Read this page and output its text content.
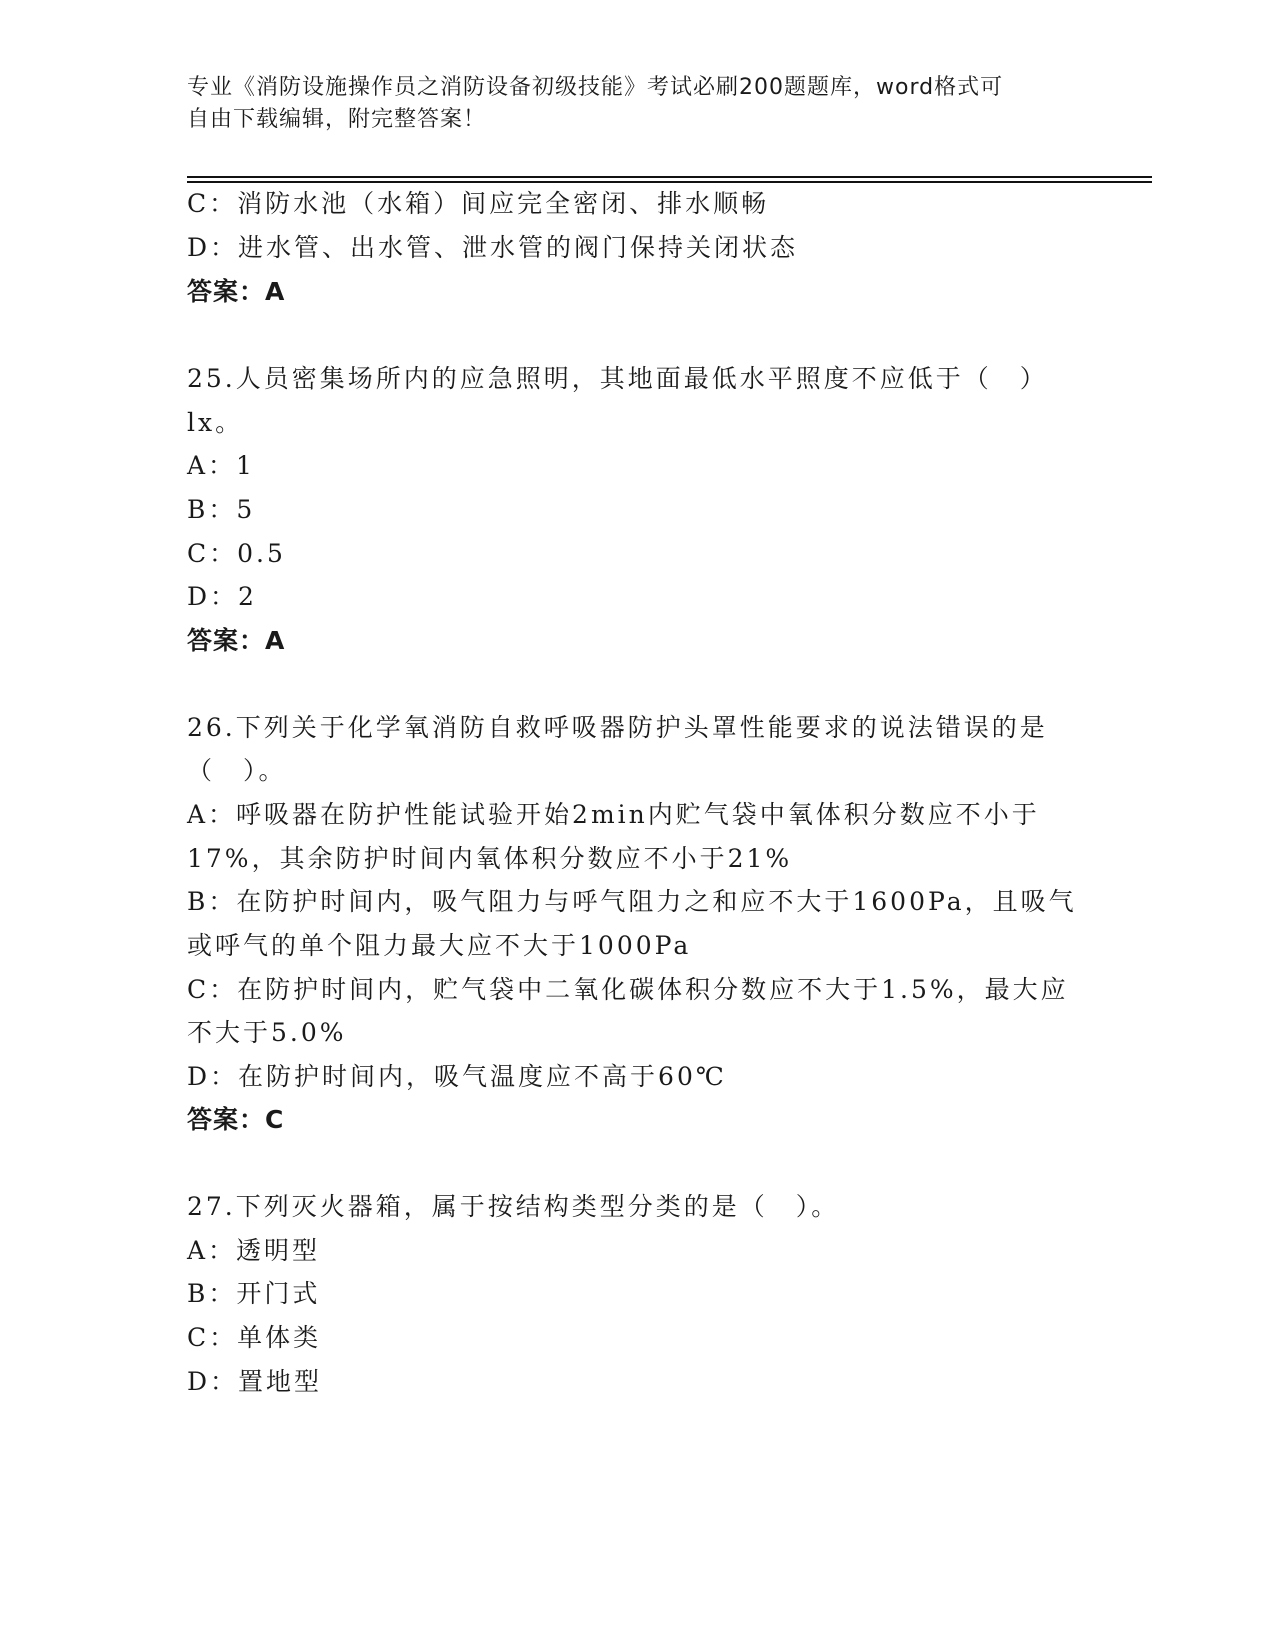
专业《消防设施操作员之消防设备初级技能》考试必刷200题题库，word格式可
自由下载编辑，附完整答案！
C：消防水池（水箱）间应完全密闭、排水顺畅
D：进水管、出水管、泄水管的阀门保持关闭状态
答案：A
25.人员密集场所内的应急照明，其地面最低水平照度不应低于（　）
lx。
A：1
B：5
C：0.5
D：2
答案：A
26.下列关于化学氧消防自救呼吸器防护头罩性能要求的说法错误的是
（　）。
A：呼吸器在防护性能试验开始2min内贮气袋中氧体积分数应不小于
17%，其余防护时间内氧体积分数应不小于21%
B：在防护时间内，吸气阻力与呼气阻力之和应不大于1600Pa，且吸气
或呼气的单个阻力最大应不大于1000Pa
C：在防护时间内，贮气袋中二氧化碳体积分数应不大于1.5%，最大应
不大于5.0%
D：在防护时间内，吸气温度应不高于60℃
答案：C
27.下列灭火器箱，属于按结构类型分类的是（　）。
A：透明型
B：开门式
C：单体类
D：置地型
